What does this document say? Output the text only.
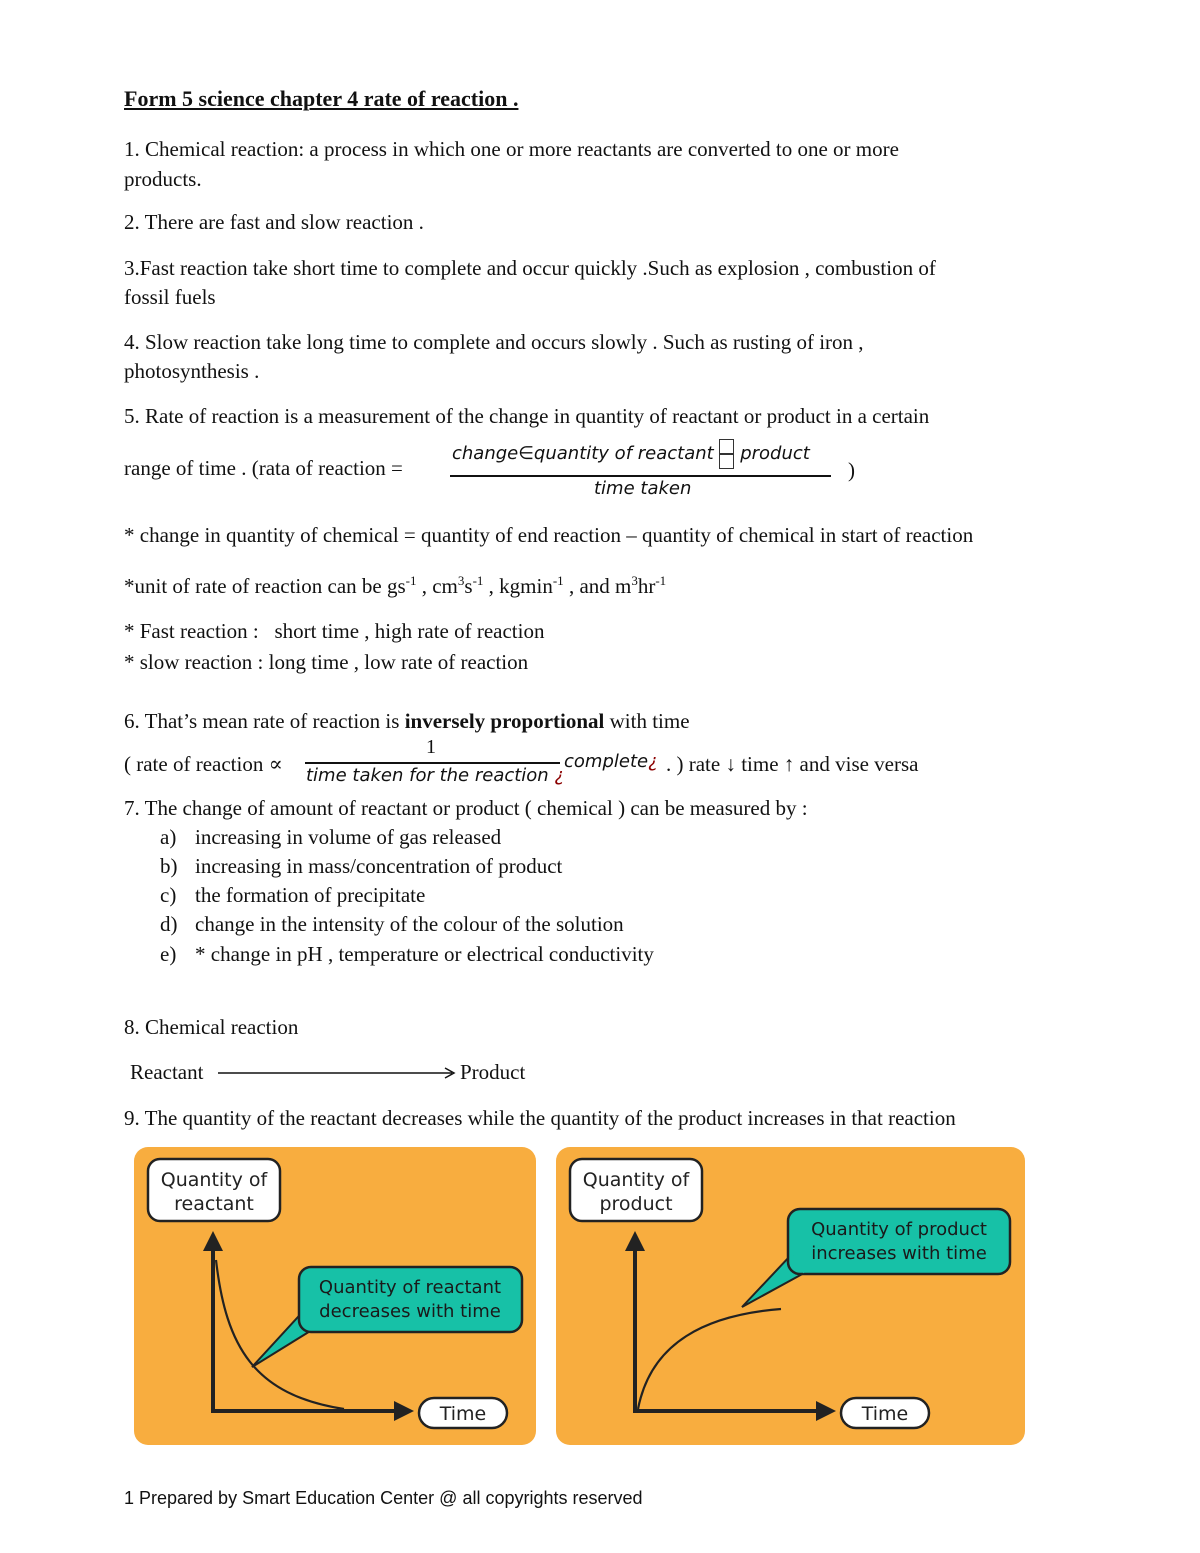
Form 5 science chapter 4 rate of reaction .
1. Chemical reaction: a process in which one or more reactants are converted to one or more
products.
2. There are fast and slow reaction .
3.Fast reaction take short time to complete and occur quickly .Such as explosion , combustion of
fossil fuels
4. Slow reaction take long time to complete and occurs slowly . Such as rusting of iron ,
photosynthesis .
5. Rate of reaction is a measurement of the change in quantity of reactant or product in a certain
range of time . (rata of reaction =
change∈quantity of reactant product
time taken
)
* change in quantity of chemical = quantity of end reaction – quantity of chemical in start of reaction
*unit of rate of reaction can be $gs^{-1}$ , $cm^3s^{-1}$ , kgmin$^{-1}$ , and $m^3hr^{-1}$
* Fast reaction :   short time , high rate of reaction
* slow reaction : long time , low rate of reaction
6. That’s mean rate of reaction is inversely proportional with time
( rate of reaction ∝
1
time taken for the reaction ¿
complete¿ . ) rate ↓ time ↑ and vise versa
7. The change of amount of reactant or product ( chemical ) can be measured by :
a) increasing in volume of gas released
b) increasing in mass/concentration of product
c) the formation of precipitate
d) change in the intensity of the colour of the solution
e) * change in pH , temperature or electrical conductivity
8. Chemical reaction
Reactant	Product
9. The quantity of the reactant decreases while the quantity of the product increases in that reaction
Quantity of
reactant
Quantity of reactant
decreases with time
Time
Quantity of
product
Quantity of product
increases with time
Time
1 Prepared by Smart Education Center @ all copyrights reserved
